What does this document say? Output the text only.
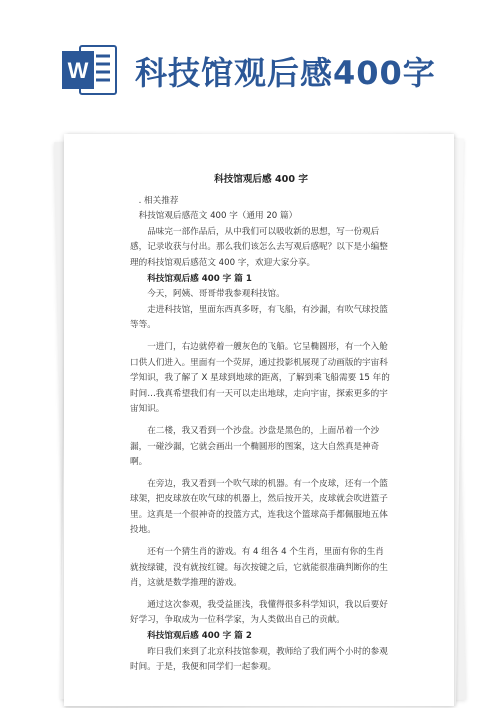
W 科技馆观后感400字
科技馆观后感 400 字

. 相关推荐

科技馆观后感范文 400 字（通用 20 篇）

品味完一部作品后，从中我们可以吸收新的思想，写一份观后感，记录收获与付出。那么我们该怎么去写观后感呢？以下是小编整理的科技馆观后感范文 400 字，欢迎大家分享。

科技馆观后感 400 字 篇 1

今天，阿姨、哥哥带我参观科技馆。

走进科技馆，里面东西真多呀，有飞船，有沙漏，有吹气球投篮等等。

一进门，右边就停着一艘灰色的飞船。它呈椭圆形，有一个入舱口供人们进入。里面有一个荧屏，通过投影机展现了动画版的宇宙科学知识，我了解了 X 星球到地球的距离，了解到乘飞船需要 15 年的时间…我真希望我们有一天可以走出地球，走向宇宙，探索更多的宇宙知识。

在二楼，我又看到一个沙盘。沙盘是黑色的，上面吊着一个沙漏，一碰沙漏，它就会画出一个椭圆形的图案，这大自然真是神奇啊。

在旁边，我又看到一个吹气球的机器。有一个皮球，还有一个篮球架，把皮球放在吹气球的机器上，然后按开关，皮球就会吹进篮子里。这真是一个很神奇的投篮方式，连我这个篮球高手都佩服地五体投地。

还有一个猜生肖的游戏。有 4 组各 4 个生肖，里面有你的生肖就按绿键，没有就按红键。每次按键之后，它就能很准确判断你的生肖，这就是数学推理的游戏。

通过这次参观，我受益匪浅，我懂得很多科学知识，我以后要好好学习，争取成为一位科学家，为人类做出自己的贡献。

科技馆观后感 400 字 篇 2

昨日我们来到了北京科技馆参观，教师给了我们两个小时的参观时间。于是，我便和同学们一起参观。
